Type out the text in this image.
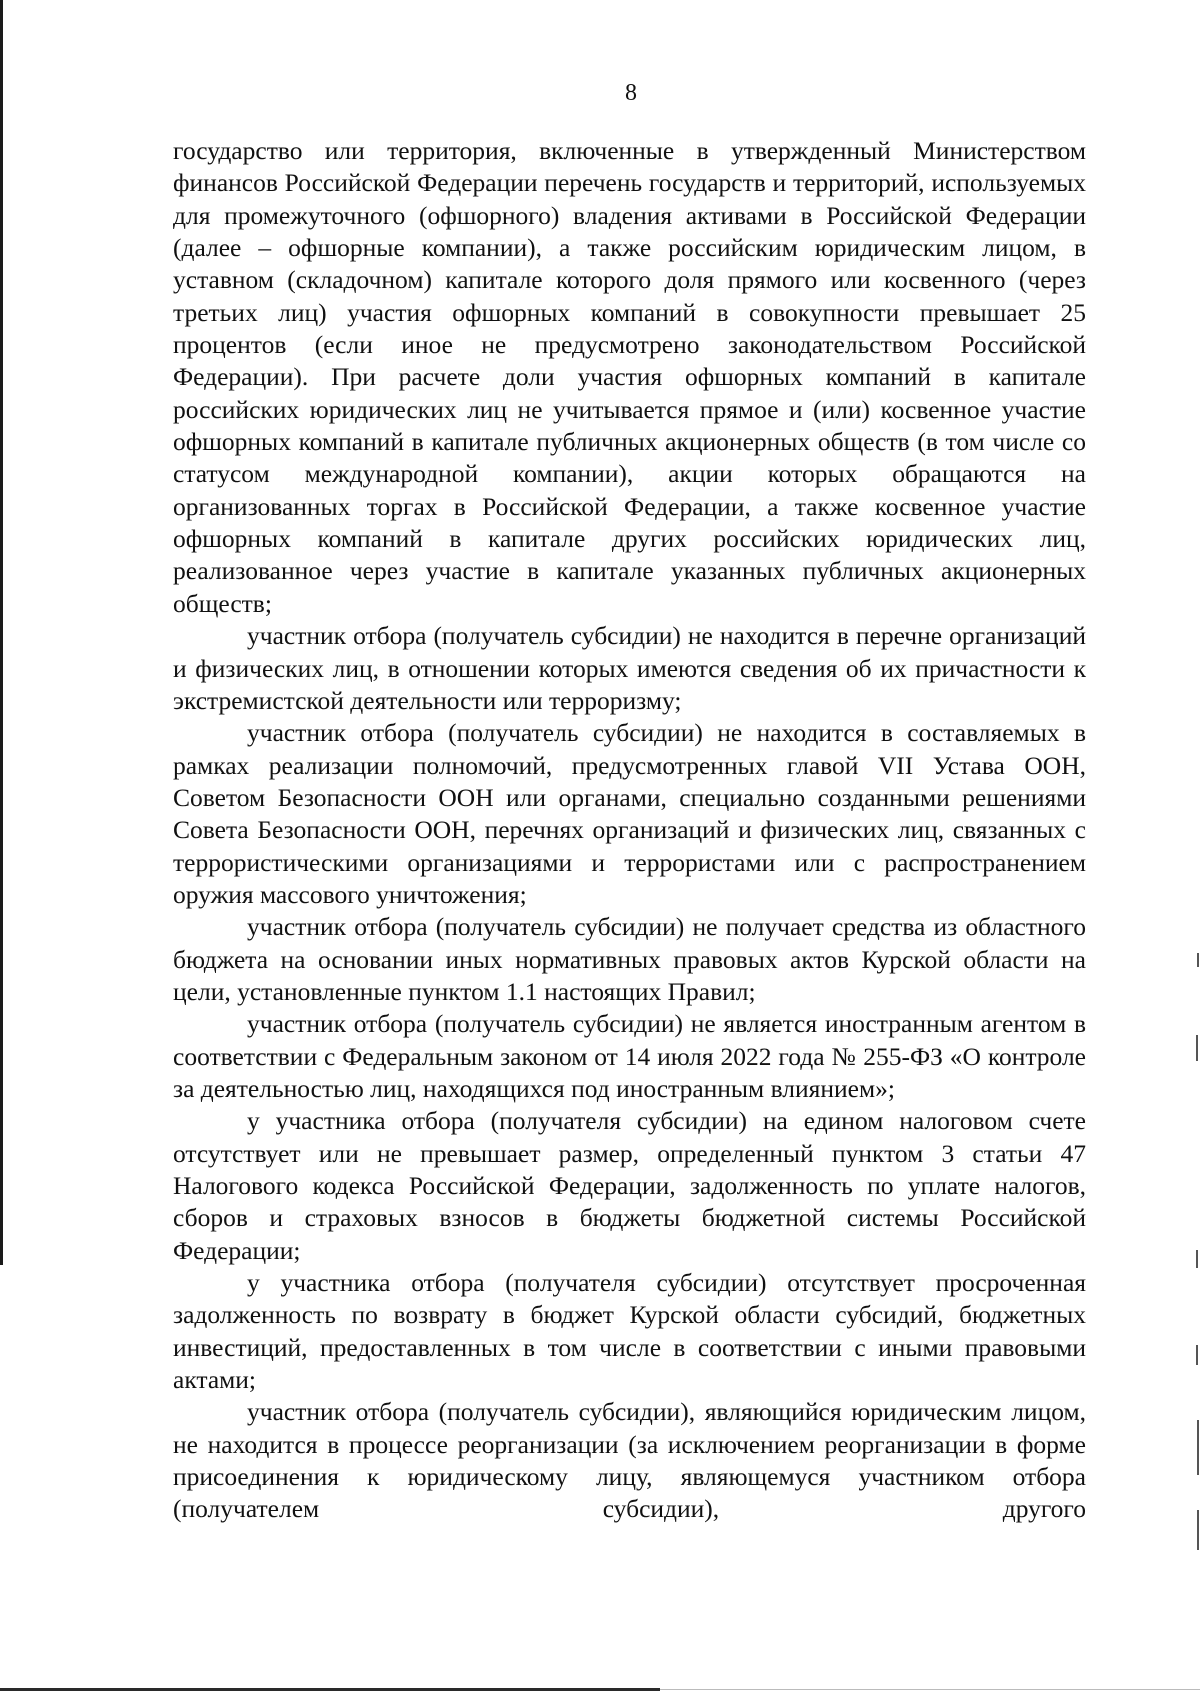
8

государство или территория, включенные в утвержденный Министерством финансов Российской Федерации перечень государств и территорий, используемых для промежуточного (офшорного) владения активами в Российской Федерации (далее – офшорные компании), а также российским юридическим лицом, в уставном (складочном) капитале которого доля прямого или косвенного (через третьих лиц) участия офшорных компаний в совокупности превышает 25 процентов (если иное не предусмотрено законодательством Российской Федерации). При расчете доли участия офшорных компаний в капитале российских юридических лиц не учитывается прямое и (или) косвенное участие офшорных компаний в капитале публичных акционерных обществ (в том числе со статусом международной компании), акции которых обращаются на организованных торгах в Российской Федерации, а также косвенное участие офшорных компаний в капитале других российских юридических лиц, реализованное через участие в капитале указанных публичных акционерных обществ;

участник отбора (получатель субсидии) не находится в перечне организаций и физических лиц, в отношении которых имеются сведения об их причастности к экстремистской деятельности или терроризму;

участник отбора (получатель субсидии) не находится в составляемых в рамках реализации полномочий, предусмотренных главой VII Устава ООН, Советом Безопасности ООН или органами, специально созданными решениями Совета Безопасности ООН, перечнях организаций и физических лиц, связанных с террористическими организациями и террористами или с распространением оружия массового уничтожения;

участник отбора (получатель субсидии) не получает средства из областного бюджета на основании иных нормативных правовых актов Курской области на цели, установленные пунктом 1.1 настоящих Правил;

участник отбора (получатель субсидии) не является иностранным агентом в соответствии с Федеральным законом от 14 июля 2022 года № 255-ФЗ «О контроле за деятельностью лиц, находящихся под иностранным влиянием»;

у участника отбора (получателя субсидии) на едином налоговом счете отсутствует или не превышает размер, определенный пунктом 3 статьи 47 Налогового кодекса Российской Федерации, задолженность по уплате налогов, сборов и страховых взносов в бюджеты бюджетной системы Российской Федерации;

у участника отбора (получателя субсидии) отсутствует просроченная задолженность по возврату в бюджет Курской области субсидий, бюджетных инвестиций, предоставленных в том числе в соответствии с иными правовыми актами;

участник отбора (получатель субсидии), являющийся юридическим лицом, не находится в процессе реорганизации (за исключением реорганизации в форме присоединения к юридическому лицу, являющемуся участником отбора (получателем субсидии), другого
